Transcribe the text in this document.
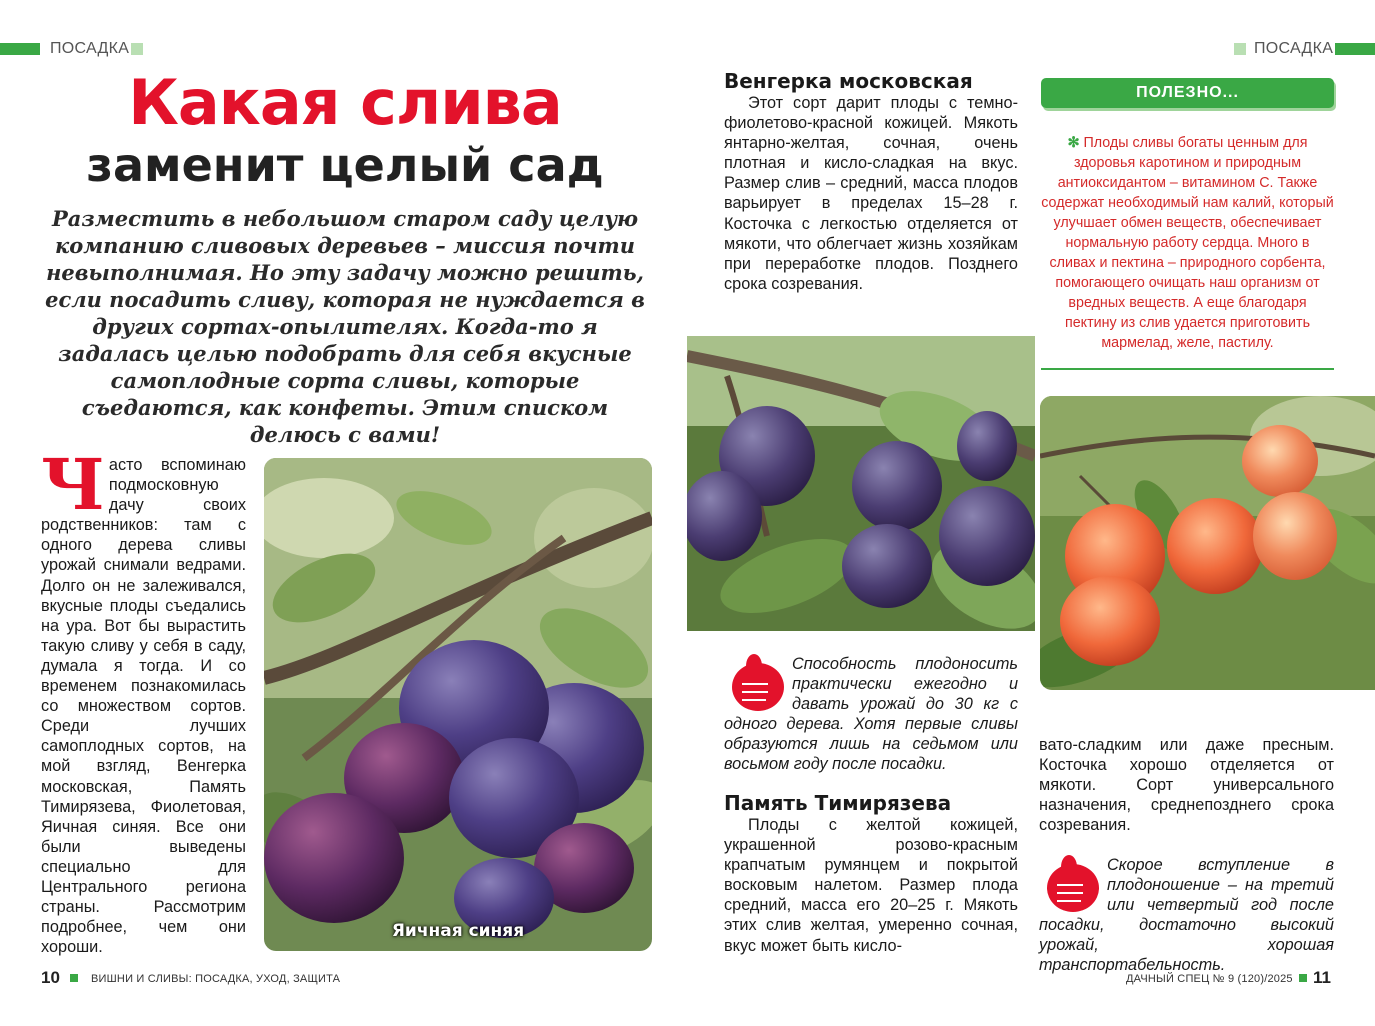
ПОСАДКА	ПОСАДКА
Какая слива
заменит целый сад
Разместить в небольшом старом саду целую компанию сливовых деревьев – миссия почти невыполнимая. Но эту задачу можно решить, если посадить сливу, которая не нуждается в других сортах-опылителях. Когда-то я задалась целью подобрать для себя вкусные самоплодные сорта сливы, которые съедаются, как конфеты. Этим списком делюсь с вами!
Часто вспоминаю подмосковную дачу своих родственников: там с одного дерева сливы урожай снимали ведрами. Долго он не залеживался, вкусные плоды съедались на ура. Вот бы вырастить такую сливу у себя в саду, думала я тогда. И со временем познакомилась со множеством сортов. Среди лучших самоплодных сортов, на мой взгляд, Венгерка московская, Память Тимирязева, Фиолетовая, Яичная синяя. Все они были выведены специально для Центрального региона страны. Рассмотрим подробнее, чем они хороши.
Яичная синяя
Венгерка московская
Этот сорт дарит плоды с темно-фиолетово-красной кожицей. Мякоть янтарно-желтая, сочная, очень плотная и кисло-сладкая на вкус. Размер слив – средний, масса плодов варьирует в пределах 15–28 г. Косточка с легкостью отделяется от мякоти, что облегчает жизнь хозяйкам при переработке плодов. Позднего срока созревания.
Способность плодоносить практически ежегодно и давать урожай до 30 кг с одного дерева. Хотя первые сливы образуются лишь на седьмом или восьмом году после посадки.
Память Тимирязева
Плоды с желтой кожицей, украшенной розово-красным крапчатым румянцем и покрытой восковым налетом. Размер плода средний, масса его 20–25 г. Мякоть этих слив желтая, умеренно сочная, вкус может быть кисло-
ПОЛЕЗНО...
✻ Плоды сливы богаты ценным для здоровья каротином и природным антиоксидантом – витамином С. Также содержат необходимый нам калий, который улучшает обмен веществ, обеспечивает нормальную работу сердца. Много в сливах и пектина – природного сорбента, помогающего очищать наш организм от вредных веществ. А еще благодаря пектину из слив удается приготовить мармелад, желе, пастилу.
вато-сладким или даже пресным. Косточка хорошо отделяется от мякоти. Сорт универсального назначения, среднепозднего срока созревания.
Скорое вступление в плодоношение – на третий или четвертый год после посадки, достаточно высокий урожай, хорошая транспортабельность.
10	ВИШНИ И СЛИВЫ: ПОСАДКА, УХОД, ЗАЩИТА	ДАЧНЫЙ СПЕЦ № 9 (120)/2025 11
